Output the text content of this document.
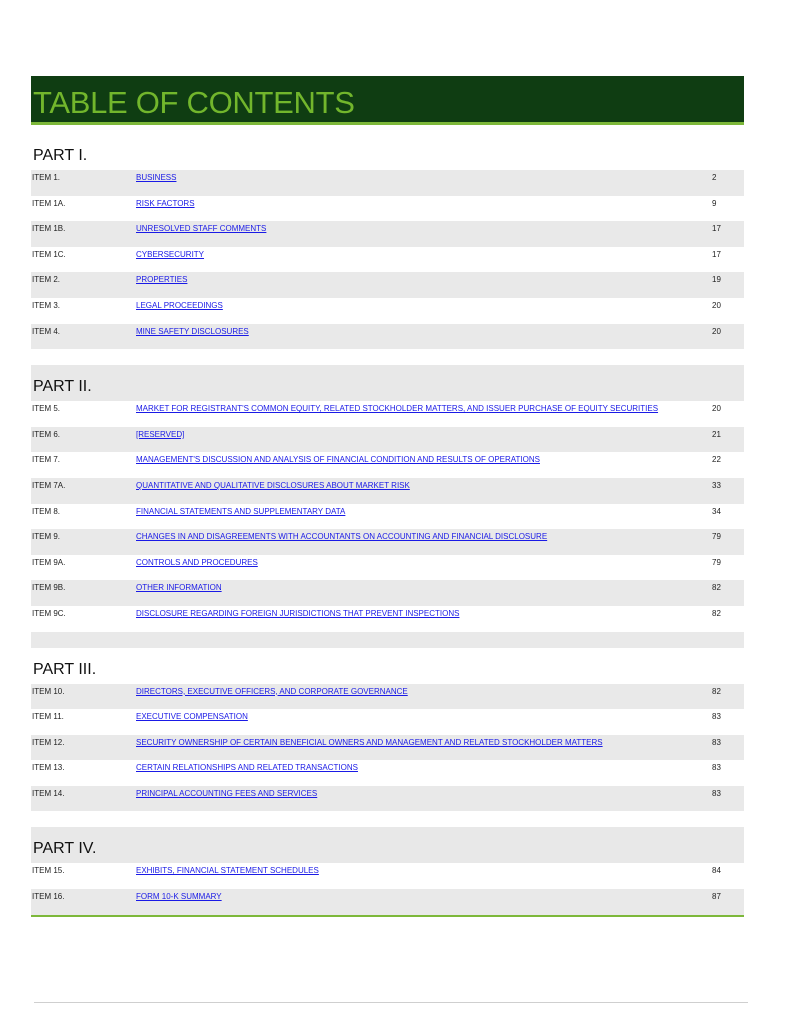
TABLE OF CONTENTS
PART I.
ITEM 1.	BUSINESS	2
ITEM 1A.	RISK FACTORS	9
ITEM 1B.	UNRESOLVED STAFF COMMENTS	17
ITEM 1C.	CYBERSECURITY	17
ITEM 2.	PROPERTIES	19
ITEM 3.	LEGAL PROCEEDINGS	20
ITEM 4.	MINE SAFETY DISCLOSURES	20
PART II.
ITEM 5.	MARKET FOR REGISTRANT'S COMMON EQUITY, RELATED STOCKHOLDER MATTERS, AND ISSUER PURCHASE OF EQUITY SECURITIES	20
ITEM 6.	[RESERVED]	21
ITEM 7.	MANAGEMENT'S DISCUSSION AND ANALYSIS OF FINANCIAL CONDITION AND RESULTS OF OPERATIONS	22
ITEM 7A.	QUANTITATIVE AND QUALITATIVE DISCLOSURES ABOUT MARKET RISK	33
ITEM 8.	FINANCIAL STATEMENTS AND SUPPLEMENTARY DATA	34
ITEM 9.	CHANGES IN AND DISAGREEMENTS WITH ACCOUNTANTS ON ACCOUNTING AND FINANCIAL DISCLOSURE	79
ITEM 9A.	CONTROLS AND PROCEDURES	79
ITEM 9B.	OTHER INFORMATION	82
ITEM 9C.	DISCLOSURE REGARDING FOREIGN JURISDICTIONS THAT PREVENT INSPECTIONS	82
PART III.
ITEM 10.	DIRECTORS, EXECUTIVE OFFICERS, AND CORPORATE GOVERNANCE	82
ITEM 11.	EXECUTIVE COMPENSATION	83
ITEM 12.	SECURITY OWNERSHIP OF CERTAIN BENEFICIAL OWNERS AND MANAGEMENT AND RELATED STOCKHOLDER MATTERS	83
ITEM 13.	CERTAIN RELATIONSHIPS AND RELATED TRANSACTIONS	83
ITEM 14.	PRINCIPAL ACCOUNTING FEES AND SERVICES	83
PART IV.
ITEM 15.	EXHIBITS, FINANCIAL STATEMENT SCHEDULES	84
ITEM 16.	FORM 10-K SUMMARY	87
